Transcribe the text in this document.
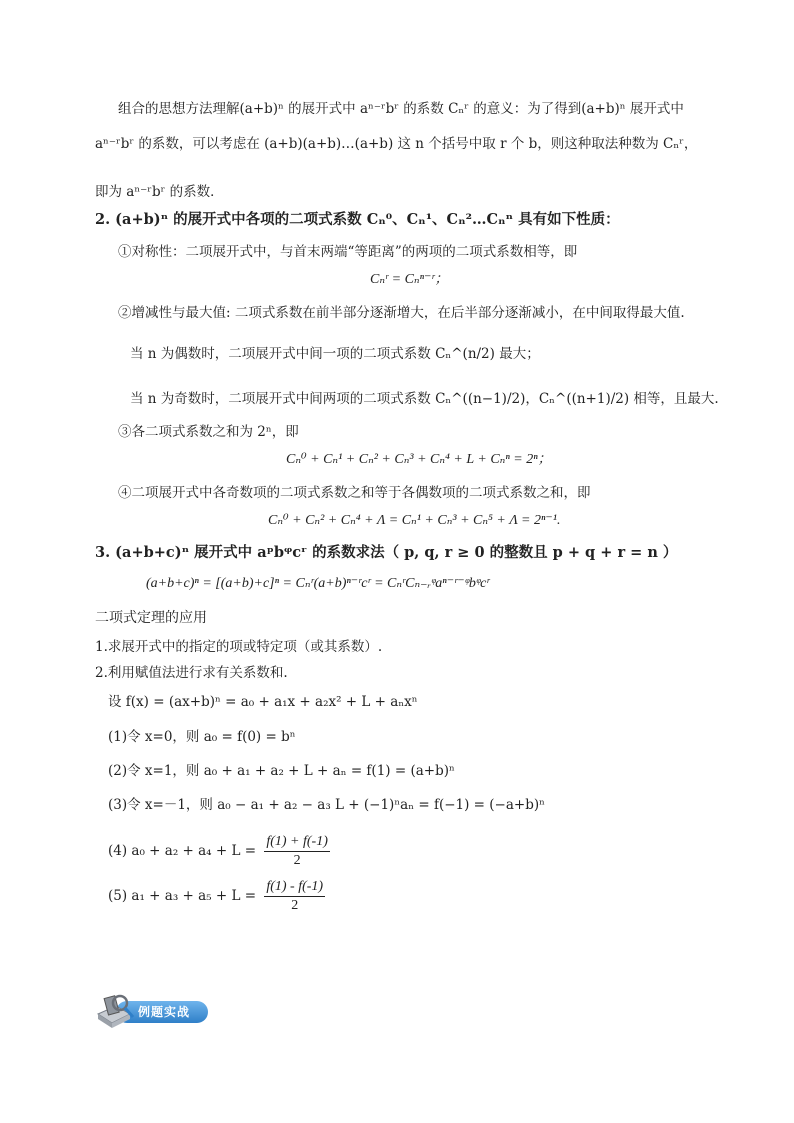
组合的思想方法理解(a+b)ⁿ 的展开式中 aⁿ⁻ʳbʳ 的系数 Cₙʳ 的意义：为了得到(a+b)ⁿ 展开式中
aⁿ⁻ʳbʳ 的系数，可以考虑在 (a+b)(a+b)…(a+b) 这 n 个括号中取 r 个 b，则这种取法种数为 Cₙʳ，
即为 aⁿ⁻ʳbʳ 的系数．
2. (a+b)ⁿ 的展开式中各项的二项式系数 Cₙ⁰、Cₙ¹、Cₙ²…Cₙⁿ 具有如下性质：
①对称性：二项展开式中，与首末两端“等距离”的两项的二项式系数相等，即
Cₙʳ = Cₙⁿ⁻ʳ；
②增减性与最大值: 二项式系数在前半部分逐渐增大，在后半部分逐渐减小，在中间取得最大值.
当 n 为偶数时，二项展开式中间一项的二项式系数 Cₙ^(n/2) 最大；
当 n 为奇数时，二项展开式中间两项的二项式系数 Cₙ^((n−1)/2)，Cₙ^((n+1)/2) 相等，且最大.
③各二项式系数之和为 2ⁿ，即
Cₙ⁰ + Cₙ¹ + Cₙ² + Cₙ³ + Cₙ⁴ + L + Cₙⁿ = 2ⁿ；
④二项展开式中各奇数项的二项式系数之和等于各偶数项的二项式系数之和，即
Cₙ⁰ + Cₙ² + Cₙ⁴ + Λ = Cₙ¹ + Cₙ³ + Cₙ⁵ + Λ = 2ⁿ⁻¹.
3. (a+b+c)ⁿ 展开式中 aᵖbᵠcʳ 的系数求法（ p, q, r ≥ 0 的整数且 p + q + r = n ）
(a+b+c)ⁿ = [(a+b)+c]ⁿ = Cₙʳ(a+b)ⁿ⁻ʳcʳ = CₙʳCₙ₋ᵣᵠaⁿ⁻ʳ⁻ᵠbᵠcʳ
二项式定理的应用
1.求展开式中的指定的项或特定项（或其系数）.
2.利用赋值法进行求有关系数和.
设 f(x) = (ax+b)ⁿ = a₀ + a₁x + a₂x² + L + aₙxⁿ
(1)令 x=0，则 a₀ = f(0) = bⁿ
(2)令 x=1，则 a₀ + a₁ + a₂ + L + aₙ = f(1) = (a+b)ⁿ
(3)令 x=－1，则 a₀ − a₁ + a₂ − a₃ L + (−1)ⁿaₙ = f(−1) = (−a+b)ⁿ
(4) $a_0 + a_2 + a_4 + L = \frac{f(1) + f(-1)}{2}$
(5) $a_1 + a_3 + a_5 + L = \frac{f(1) - f(-1)}{2}$
例题实战
